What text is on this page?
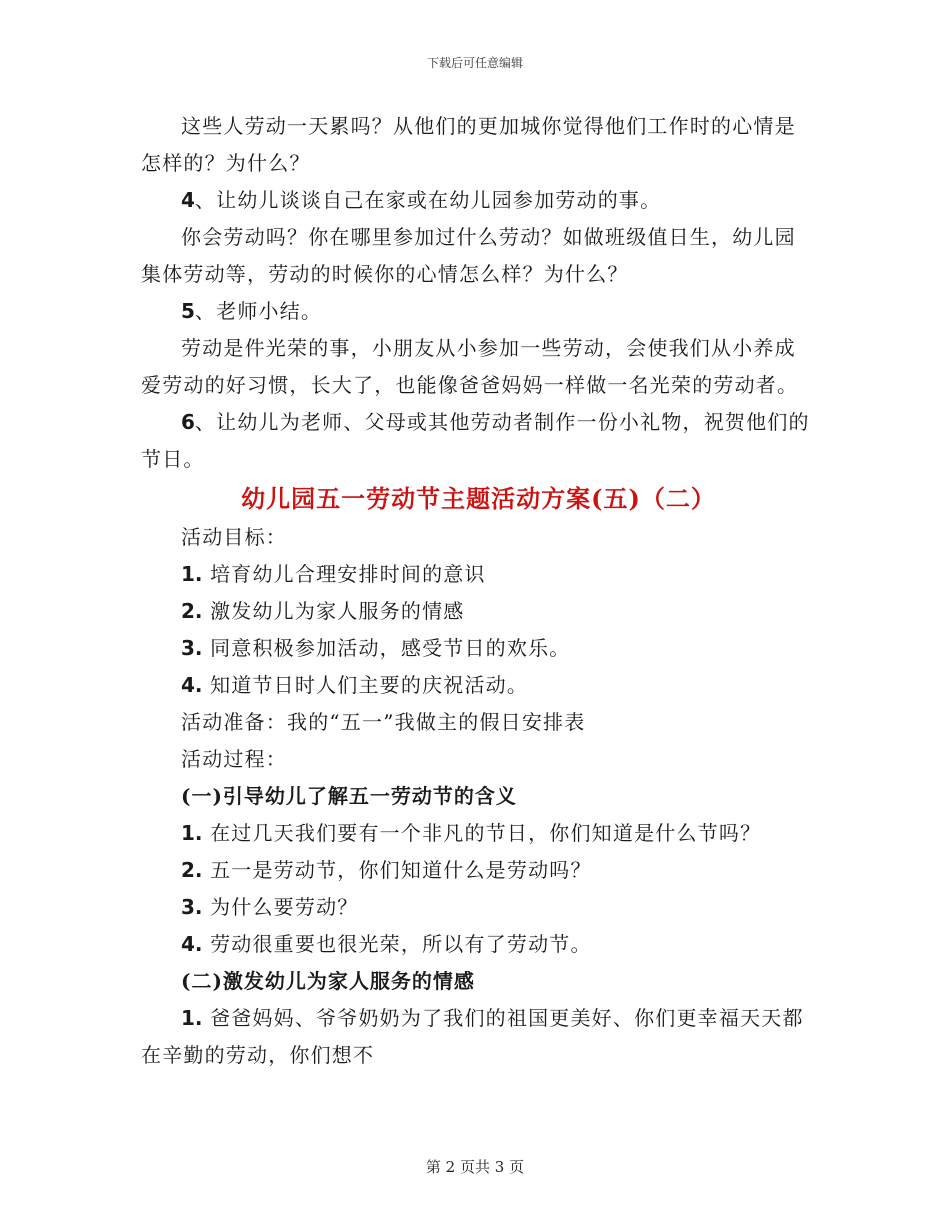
下载后可任意编辑

这些人劳动一天累吗？从他们的更加城你觉得他们工作时的心情是怎样的？为什么？

4、让幼儿谈谈自己在家或在幼儿园参加劳动的事。

你会劳动吗？你在哪里参加过什么劳动？如做班级值日生，幼儿园集体劳动等，劳动的时候你的心情怎么样？为什么？

5、老师小结。

劳动是件光荣的事，小朋友从小参加一些劳动，会使我们从小养成爱劳动的好习惯，长大了，也能像爸爸妈妈一样做一名光荣的劳动者。

6、让幼儿为老师、父母或其他劳动者制作一份小礼物，祝贺他们的节日。

幼儿园五一劳动节主题活动方案(五)（二）

活动目标：

1. 培育幼儿合理安排时间的意识

2. 激发幼儿为家人服务的情感

3. 同意积极参加活动，感受节日的欢乐。

4. 知道节日时人们主要的庆祝活动。

活动准备：我的“五一”我做主的假日安排表

活动过程：

(一)引导幼儿了解五一劳动节的含义

1. 在过几天我们要有一个非凡的节日，你们知道是什么节吗？

2. 五一是劳动节，你们知道什么是劳动吗？

3. 为什么要劳动？

4. 劳动很重要也很光荣，所以有了劳动节。

(二)激发幼儿为家人服务的情感

1. 爸爸妈妈、爷爷奶奶为了我们的祖国更美好、你们更幸福天天都在辛勤的劳动，你们想不

第 2 页共 3 页
